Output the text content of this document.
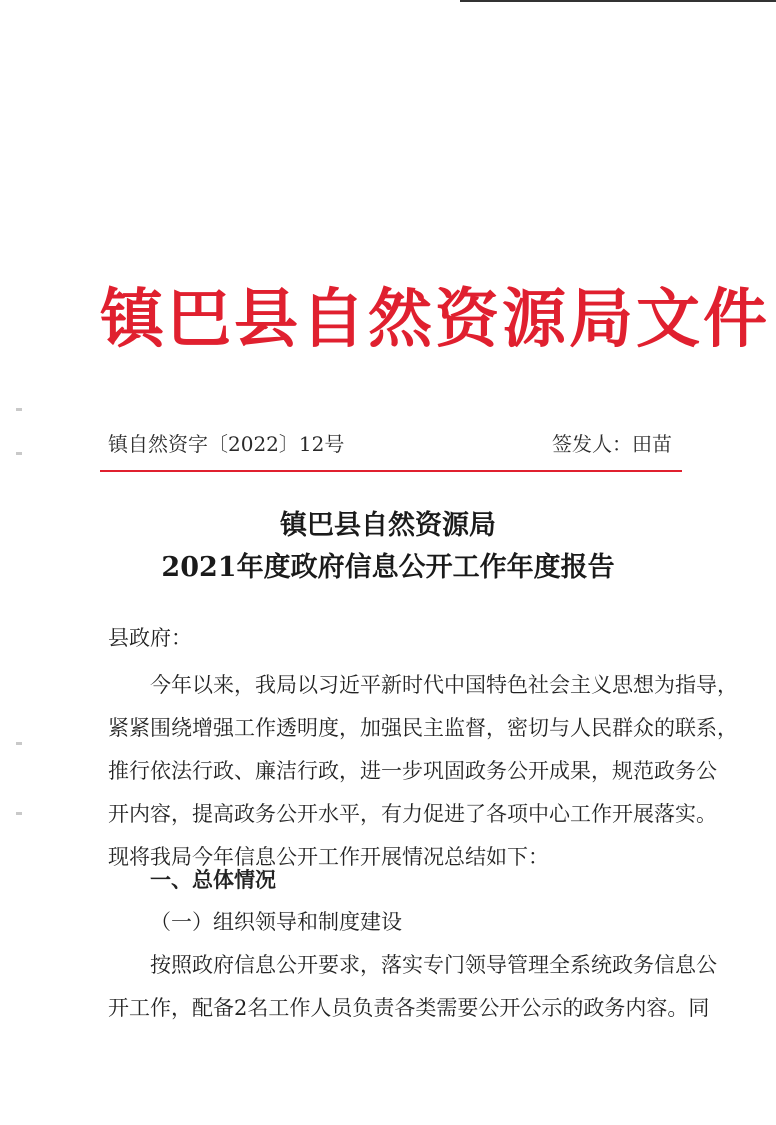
镇巴县自然资源局文件
镇自然资字〔2022〕12号	签发人：田苗
镇巴县自然资源局
2021年度政府信息公开工作年度报告
县政府：
今年以来，我局以习近平新时代中国特色社会主义思想为指导，
紧紧围绕增强工作透明度，加强民主监督，密切与人民群众的联系，
推行依法行政、廉洁行政，进一步巩固政务公开成果，规范政务公
开内容，提高政务公开水平，有力促进了各项中心工作开展落实。
现将我局今年信息公开工作开展情况总结如下：
一、总体情况
（一）组织领导和制度建设
按照政府信息公开要求，落实专门领导管理全系统政务信息公
开工作，配备2名工作人员负责各类需要公开公示的政务内容。同
